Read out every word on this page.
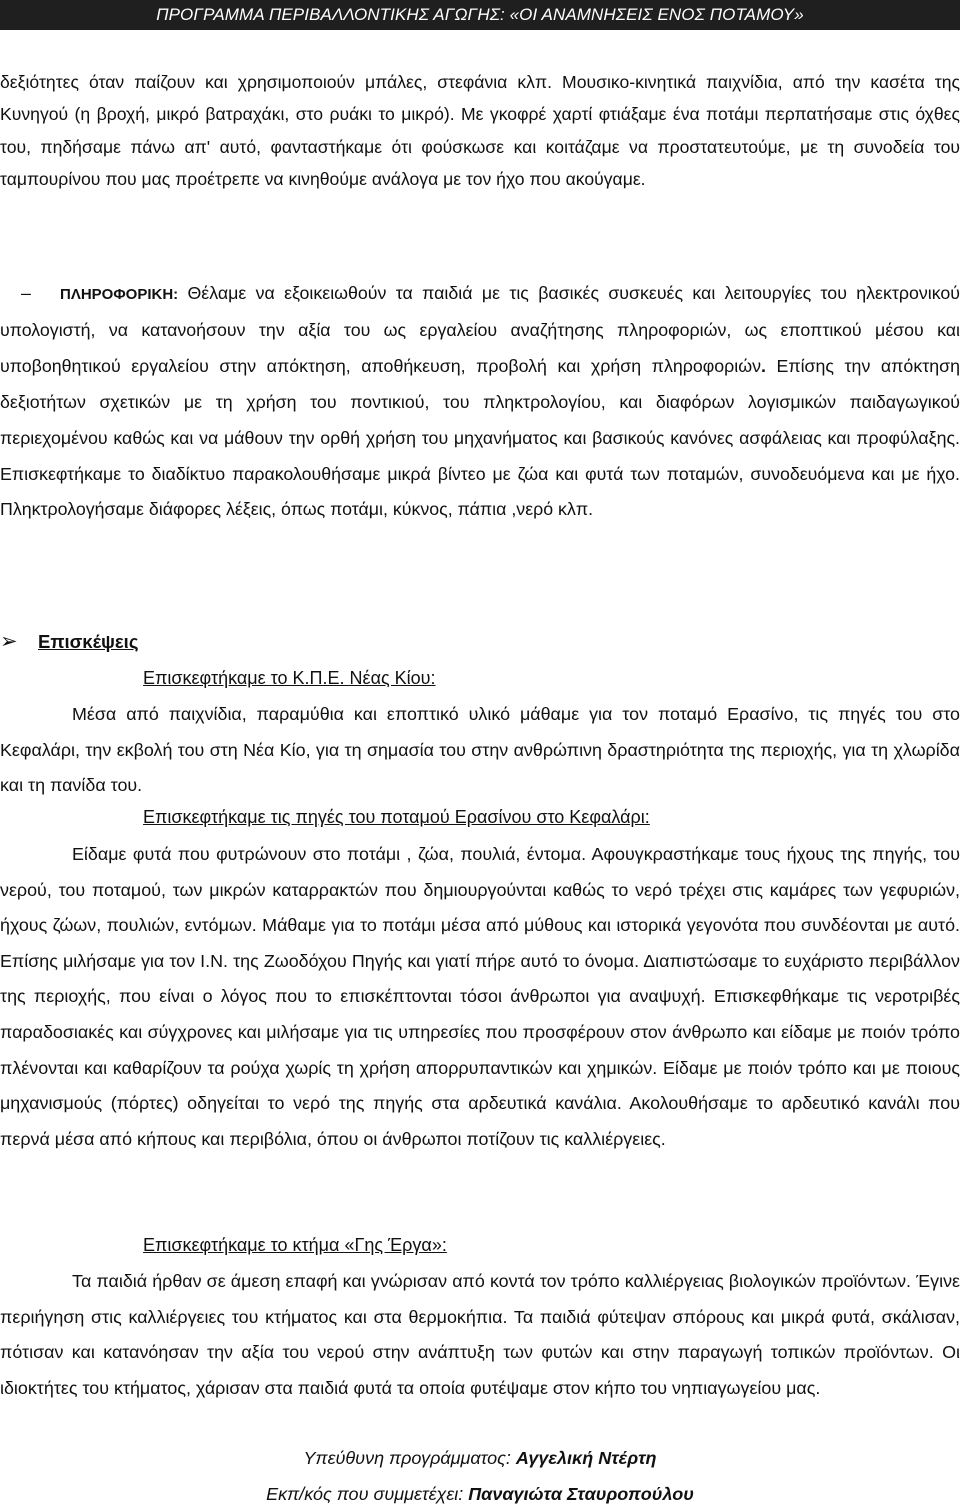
ΠΡΟΓΡΑΜΜΑ ΠΕΡΙΒΑΛΛΟΝΤΙΚΗΣ ΑΓΩΓΗΣ: «ΟΙ ΑΝΑΜΝΗΣΕΙΣ ΕΝΟΣ ΠΟΤΑΜΟΥ»
δεξιότητες όταν παίζουν και χρησιμοποιούν μπάλες, στεφάνια κλπ. Μουσικο-κινητικά παιχνίδια, από την κασέτα της Κυνηγού (η βροχή, μικρό βατραχάκι, στο ρυάκι το μικρό). Με γκοφρέ χαρτί φτιάξαμε ένα ποτάμι περπατήσαμε στις όχθες του, πηδήσαμε πάνω απ' αυτό, φανταστήκαμε ότι φούσκωσε και κοιτάζαμε να προστατευτούμε, με τη συνοδεία του ταμπουρίνου που μας προέτρεπε να κινηθούμε ανάλογα με τον ήχο που ακούγαμε.
– ΠΛΗΡΟΦΟΡΙΚΗ: Θέλαμε να εξοικειωθούν τα παιδιά με τις βασικές συσκευές και λειτουργίες του ηλεκτρονικού υπολογιστή, να κατανοήσουν την αξία του ως εργαλείου αναζήτησης πληροφοριών, ως εποπτικού μέσου και υποβοηθητικού εργαλείου στην απόκτηση, αποθήκευση, προβολή και χρήση πληροφοριών. Επίσης την απόκτηση δεξιοτήτων σχετικών με τη χρήση του ποντικιού, του πληκτρολογίου, και διαφόρων λογισμικών παιδαγωγικού περιεχομένου καθώς και να μάθουν την ορθή χρήση του μηχανήματος και βασικούς κανόνες ασφάλειας και προφύλαξης. Επισκεφτήκαμε το διαδίκτυο παρακολουθήσαμε μικρά βίντεο με ζώα και φυτά των ποταμών, συνοδευόμενα και με ήχο. Πληκτρολογήσαμε διάφορες λέξεις, όπως ποτάμι, κύκνος, πάπια ,νερό κλπ.
➢	Επισκέψεις
Επισκεφτήκαμε το Κ.Π.Ε. Νέας Κίου:
Μέσα από παιχνίδια, παραμύθια και εποπτικό υλικό μάθαμε για τον ποταμό Ερασίνο, τις πηγές του στο Κεφαλάρι, την εκβολή του στη Νέα Κίο, για τη σημασία του στην ανθρώπινη δραστηριότητα της περιοχής, για τη χλωρίδα και τη πανίδα του.
Επισκεφτήκαμε τις πηγές του ποταμού Ερασίνου στο Κεφαλάρι:
Είδαμε φυτά που φυτρώνουν στο ποτάμι , ζώα, πουλιά, έντομα. Αφουγκραστήκαμε τους ήχους της πηγής, του νερού, του ποταμού, των μικρών καταρρακτών που δημιουργούνται καθώς το νερό τρέχει στις καμάρες των γεφυριών, ήχους ζώων, πουλιών, εντόμων. Μάθαμε για το ποτάμι μέσα από μύθους και ιστορικά γεγονότα που συνδέονται με αυτό. Επίσης μιλήσαμε για τον Ι.Ν. της Ζωοδόχου Πηγής και γιατί πήρε αυτό το όνομα. Διαπιστώσαμε το ευχάριστο περιβάλλον της περιοχής, που είναι ο λόγος που το επισκέπτονται τόσοι άνθρωποι για αναψυχή. Επισκεφθήκαμε τις νεροτριβές παραδοσιακές και σύγχρονες και μιλήσαμε για τις υπηρεσίες που προσφέρουν στον άνθρωπο και είδαμε με ποιόν τρόπο πλένονται και καθαρίζουν τα ρούχα χωρίς τη χρήση απορρυπαντικών και χημικών. Είδαμε με ποιόν τρόπο και με ποιους μηχανισμούς (πόρτες) οδηγείται το νερό της πηγής στα αρδευτικά κανάλια. Ακολουθήσαμε το αρδευτικό κανάλι που περνά μέσα από κήπους και περιβόλια, όπου οι άνθρωποι ποτίζουν τις καλλιέργειες.
Επισκεφτήκαμε το κτήμα «Γης Έργα»:
Τα παιδιά ήρθαν σε άμεση επαφή και γνώρισαν από κοντά τον τρόπο καλλιέργειας βιολογικών προϊόντων. Έγινε περιήγηση στις καλλιέργειες του κτήματος και στα θερμοκήπια. Τα παιδιά φύτεψαν σπόρους και μικρά φυτά, σκάλισαν, πότισαν και κατανόησαν την αξία του νερού στην ανάπτυξη των φυτών και στην παραγωγή τοπικών προϊόντων. Οι ιδιοκτήτες του κτήματος, χάρισαν στα παιδιά φυτά τα οποία φυτέψαμε στον κήπο του νηπιαγωγείου μας.
Υπεύθυνη προγράμματος: Αγγελική Ντέρτη
Εκπ/κός που συμμετέχει: Παναγιώτα Σταυροπούλου
